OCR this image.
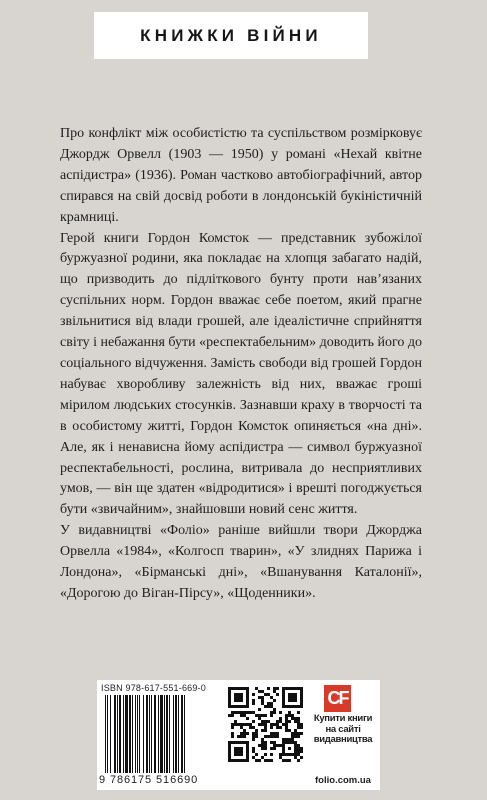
КНИЖКИ ВІЙНИ

Про конфлікт між особистістю та суспільством розмірковує Джордж Орвелл (1903 — 1950) у романі «Нехай квітне аспідистра» (1936). Роман частково автобіографічний, автор спирався на свій досвід роботи в лондонській букіністичній крамниці.

Герой книги Гордон Комсток — представник зубожілої буржуазної родини, яка покладає на хлопця забагато надій, що призводить до підліткового бунту проти нав’язаних суспільних норм. Гордон вважає себе поетом, який прагне звільнитися від влади грошей, але ідеалістичне сприйняття світу і небажання бути «респектабельним» доводить його до соціального відчуження. Замість свободи від грошей Гордон набуває хворобливу залежність від них, вважає гроші мірилом людських стосунків. Зазнавши краху в творчості та в особистому житті, Гордон Комсток опиняється «на дні». Але, як і ненависна йому аспідистра — символ буржуазної респектабельності, рослина, витривала до несприятливих умов, — він ще здатен «відродитися» і врешті погоджується бути «звичайним», знайшовши новий сенс життя.

У видавництві «Фоліо» раніше вийшли твори Джорджа Орвелла «1984», «Колгосп тварин», «У злиднях Парижа і Лондона», «Бірманські дні», «Вшанування Каталонії», «Дорогою до Віган-Пірсу», «Щоденники».

ISBN 978-617-551-669-0
9 786175 516690
CF
Купити книги на сайті видавництва
folio.com.ua
